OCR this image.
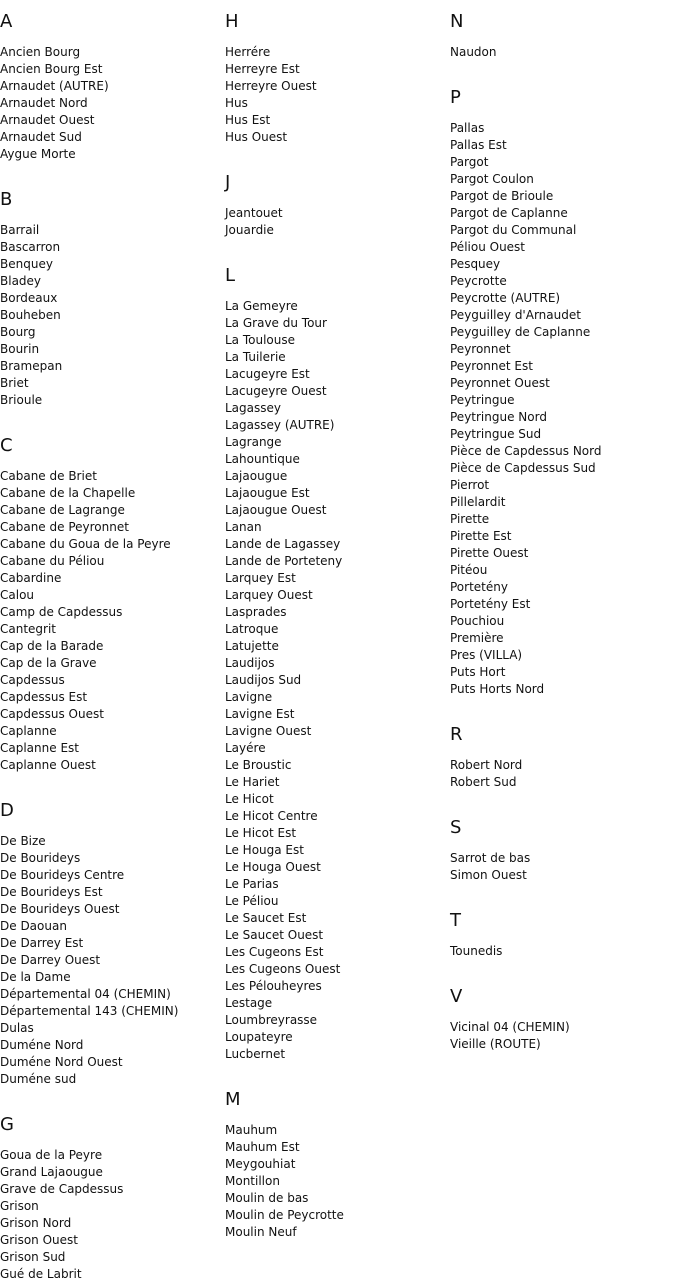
A
Ancien Bourg
Ancien Bourg Est
Arnaudet (AUTRE)
Arnaudet Nord
Arnaudet Ouest
Arnaudet Sud
Aygue Morte
B
Barrail
Bascarron
Benquey
Bladey
Bordeaux
Bouheben
Bourg
Bourin
Bramepan
Briet
Brioule
C
Cabane de Briet
Cabane de la Chapelle
Cabane de Lagrange
Cabane de Peyronnet
Cabane du Goua de la Peyre
Cabane du Péliou
Cabardine
Calou
Camp de Capdessus
Cantegrit
Cap de la Barade
Cap de la Grave
Capdessus
Capdessus Est
Capdessus Ouest
Caplanne
Caplanne Est
Caplanne Ouest
D
De Bize
De Bourideys
De Bourideys Centre
De Bourideys Est
De Bourideys Ouest
De Daouan
De Darrey Est
De Darrey Ouest
De la Dame
Départemental 04 (CHEMIN)
Départemental 143 (CHEMIN)
Dulas
Duméne Nord
Duméne Nord Ouest
Duméne sud
G
Goua de la Peyre
Grand Lajaougue
Grave de Capdessus
Grison
Grison Nord
Grison Ouest
Grison Sud
Gué de Labrit
H
Herrére
Herreyre Est
Herreyre Ouest
Hus
Hus Est
Hus Ouest
J
Jeantouet
Jouardie
L
La Gemeyre
La Grave du Tour
La Toulouse
La Tuilerie
Lacugeyre Est
Lacugeyre Ouest
Lagassey
Lagassey (AUTRE)
Lagrange
Lahountique
Lajaougue
Lajaougue Est
Lajaougue Ouest
Lanan
Lande de Lagassey
Lande de Porteteny
Larquey Est
Larquey Ouest
Lasprades
Latroque
Latujette
Laudijos
Laudijos Sud
Lavigne
Lavigne Est
Lavigne Ouest
Layére
Le Broustic
Le Hariet
Le Hicot
Le Hicot Centre
Le Hicot Est
Le Houga Est
Le Houga Ouest
Le Parias
Le Péliou
Le Saucet Est
Le Saucet Ouest
Les Cugeons Est
Les Cugeons Ouest
Les Pélouheyres
Lestage
Loumbreyrasse
Loupateyre
Lucbernet
M
Mauhum
Mauhum Est
Meygouhiat
Montillon
Moulin de bas
Moulin de Peycrotte
Moulin Neuf
N
Naudon
P
Pallas
Pallas Est
Pargot
Pargot Coulon
Pargot de Brioule
Pargot de Caplanne
Pargot du Communal
Péliou Ouest
Pesquey
Peycrotte
Peycrotte (AUTRE)
Peyguilley d'Arnaudet
Peyguilley de Caplanne
Peyronnet
Peyronnet Est
Peyronnet Ouest
Peytringue
Peytringue Nord
Peytringue Sud
Pièce de Capdessus Nord
Pièce de Capdessus Sud
Pierrot
Pillelardit
Pirette
Pirette Est
Pirette Ouest
Pitéou
Portetény
Portetény Est
Pouchiou
Première
Pres (VILLA)
Puts Hort
Puts Horts Nord
R
Robert Nord
Robert Sud
S
Sarrot de bas
Simon Ouest
T
Tounedis
V
Vicinal 04 (CHEMIN)
Vieille (ROUTE)
